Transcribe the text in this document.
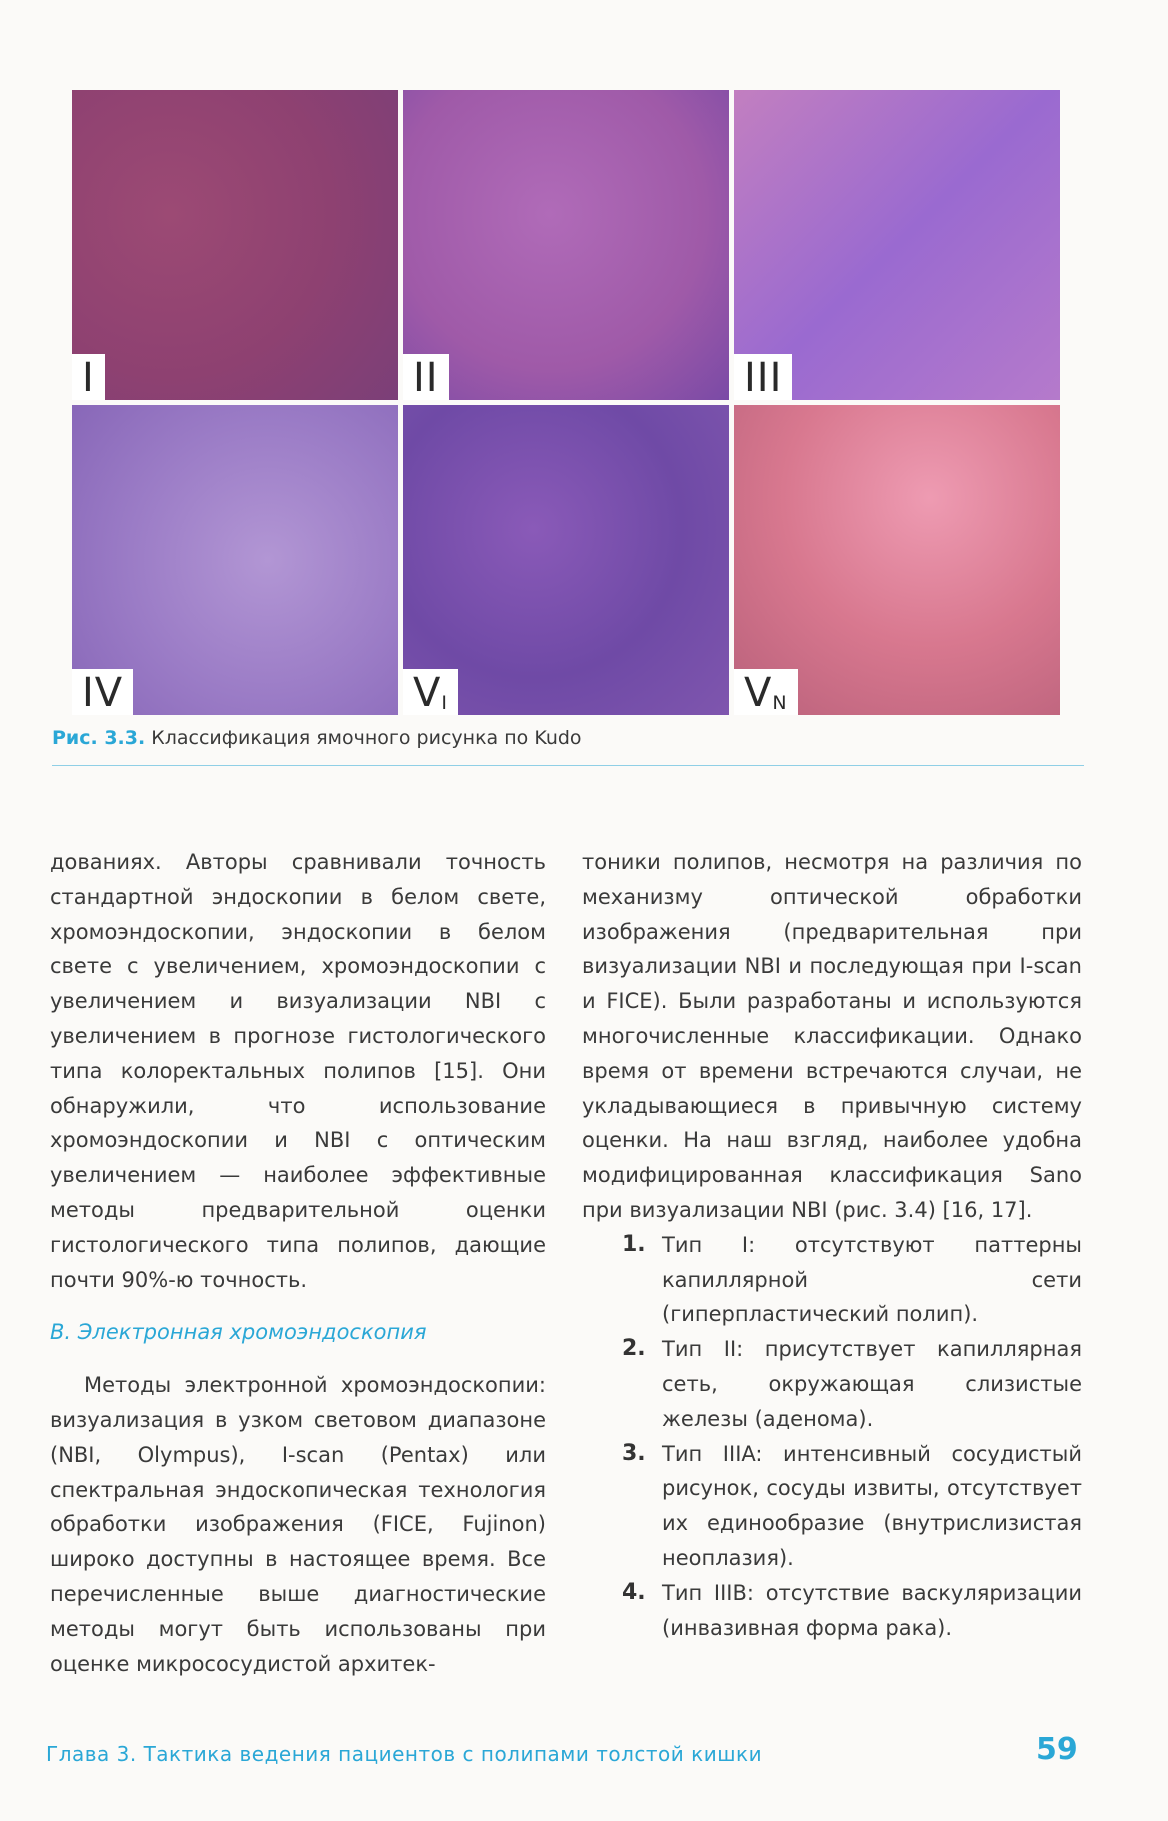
I	II	III
IV	$V_I$	$V_N$
Рис. 3.3. Классификация ямочного рисунка по Kudo

дованиях. Авторы сравнивали точность стандартной эндоскопии в белом свете, хромоэндоскопии, эндоскопии в белом свете с увеличением, хромоэндоскопии с увеличением и визуализации NBI с увеличением в прогнозе гистологического типа колоректальных полипов [15]. Они обнаружили, что использование хромоэндоскопии и NBI с оптическим увеличением — наиболее эффективные методы предварительной оценки гистологического типа полипов, дающие почти 90%-ю точность.

В. Электронная хромоэндоскопия

Методы электронной хромоэндоскопии: визуализация в узком световом диапазоне (NBI, Olympus), I-scan (Pentax) или спектральная эндоскопическая технология обработки изображения (FICE, Fujinon) широко доступны в настоящее время. Все перечисленные выше диагностические методы могут быть использованы при оценке микрососудистой архитек-

тоники полипов, несмотря на различия по механизму оптической обработки изображения (предварительная при визуализации NBI и последующая при I-scan и FICE). Были разработаны и используются многочисленные классификации. Однако время от времени встречаются случаи, не укладывающиеся в привычную систему оценки. На наш взгляд, наиболее удобна модифицированная классификация Sano при визуализации NBI (рис. 3.4) [16, 17].

1. Тип I: отсутствуют паттерны капиллярной сети (гиперпластический полип).
2. Тип II: присутствует капиллярная сеть, окружающая слизистые железы (аденома).
3. Тип IIIA: интенсивный сосудистый рисунок, сосуды извиты, отсутствует их единообразие (внутрислизистая неоплазия).
4. Тип IIIB: отсутствие васкуляризации (инвазивная форма рака).
Глава 3. Тактика ведения пациентов с полипами толстой кишки	59
